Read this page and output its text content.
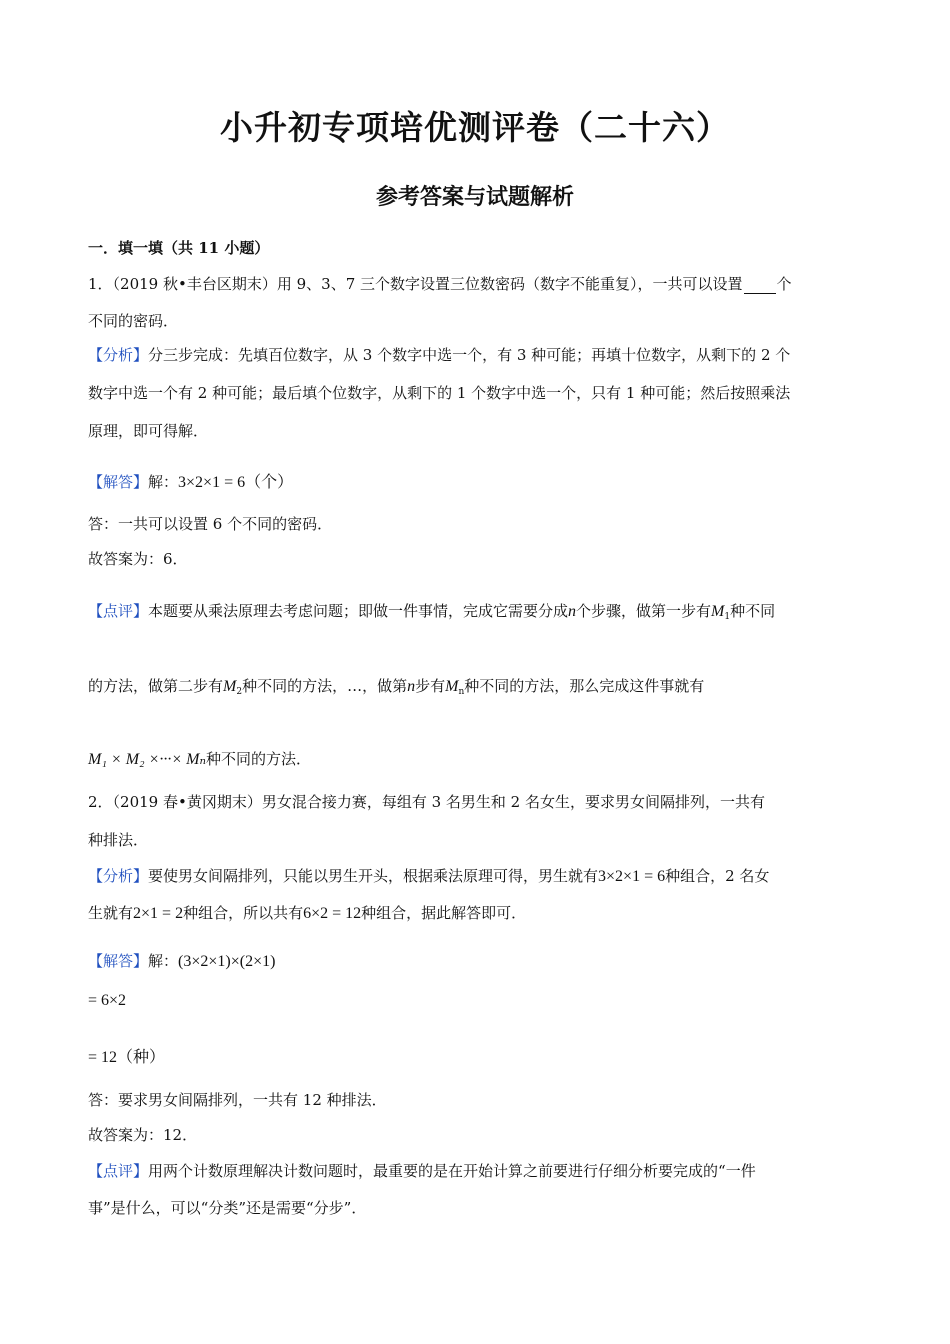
小升初专项培优测评卷（二十六）
参考答案与试题解析
一．填一填（共 11 小题）
1．（2019 秋•丰台区期末）用 9、3、7 三个数字设置三位数密码（数字不能重复），一共可以设置 个
不同的密码．
【分析】分三步完成：先填百位数字，从 3 个数字中选一个，有 3 种可能；再填十位数字，从剩下的 2 个
数字中选一个有 2 种可能；最后填个位数字，从剩下的 1 个数字中选一个，只有 1 种可能；然后按照乘法
原理，即可得解．
【解答】解：3×2×1 = 6（个）
答：一共可以设置 6 个不同的密码．
故答案为：6．
【点评】本题要从乘法原理去考虑问题；即做一件事情，完成它需要分成n个步骤，做第一步有$M_1$种不同
的方法，做第二步有$M_2$种不同的方法，…，做第n步有$M_n$种不同的方法，那么完成这件事就有
M₁ × M₂ ×···× Mₙ种不同的方法．
2．（2019 春•黄冈期末）男女混合接力赛，每组有 3 名男生和 2 名女生，要求男女间隔排列，一共有
种排法．
【分析】要使男女间隔排列，只能以男生开头，根据乘法原理可得，男生就有3×2×1 = 6种组合，2 名女
生就有2×1 = 2种组合，所以共有6×2 = 12种组合，据此解答即可．
【解答】解：(3×2×1)×(2×1)
= 6×2
= 12（种）
答：要求男女间隔排列，一共有 12 种排法．
故答案为：12．
【点评】用两个计数原理解决计数问题时，最重要的是在开始计算之前要进行仔细分析要完成的“一件
事”是什么，可以“分类”还是需要“分步”．
